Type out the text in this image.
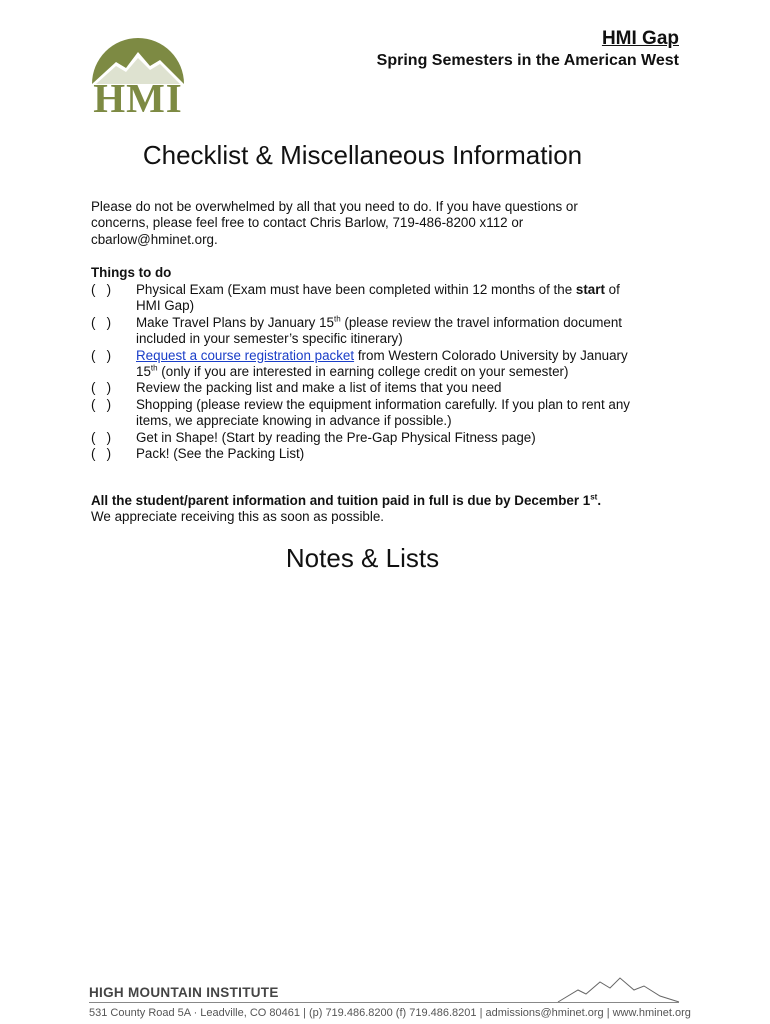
HMI
HMI Gap
Spring Semesters in the American West
Checklist & Miscellaneous Information
Please do not be overwhelmed by all that you need to do. If you have questions or concerns, please feel free to contact Chris Barlow, 719-486-8200 x112 or cbarlow@hminet.org.
Things to do
(   )	Physical Exam (Exam must have been completed within 12 months of the start of HMI Gap)
(   )	Make Travel Plans by January 15th (please review the travel information document included in your semester’s specific itinerary)
(   )	Request a course registration packet from Western Colorado University by January 15th (only if you are interested in earning college credit on your semester)
(   )	Review the packing list and make a list of items that you need
(   )	Shopping (please review the equipment information carefully. If you plan to rent any items, we appreciate knowing in advance if possible.)
(   )	Get in Shape! (Start by reading the Pre-Gap Physical Fitness page)
(   )	Pack! (See the Packing List)
All the student/parent information and tuition paid in full is due by December 1st.
We appreciate receiving this as soon as possible.
Notes & Lists
HIGH MOUNTAIN INSTITUTE
531 County Road 5A · Leadville, CO 80461 | (p) 719.486.8200 (f) 719.486.8201 | admissions@hminet.org | www.hminet.org
